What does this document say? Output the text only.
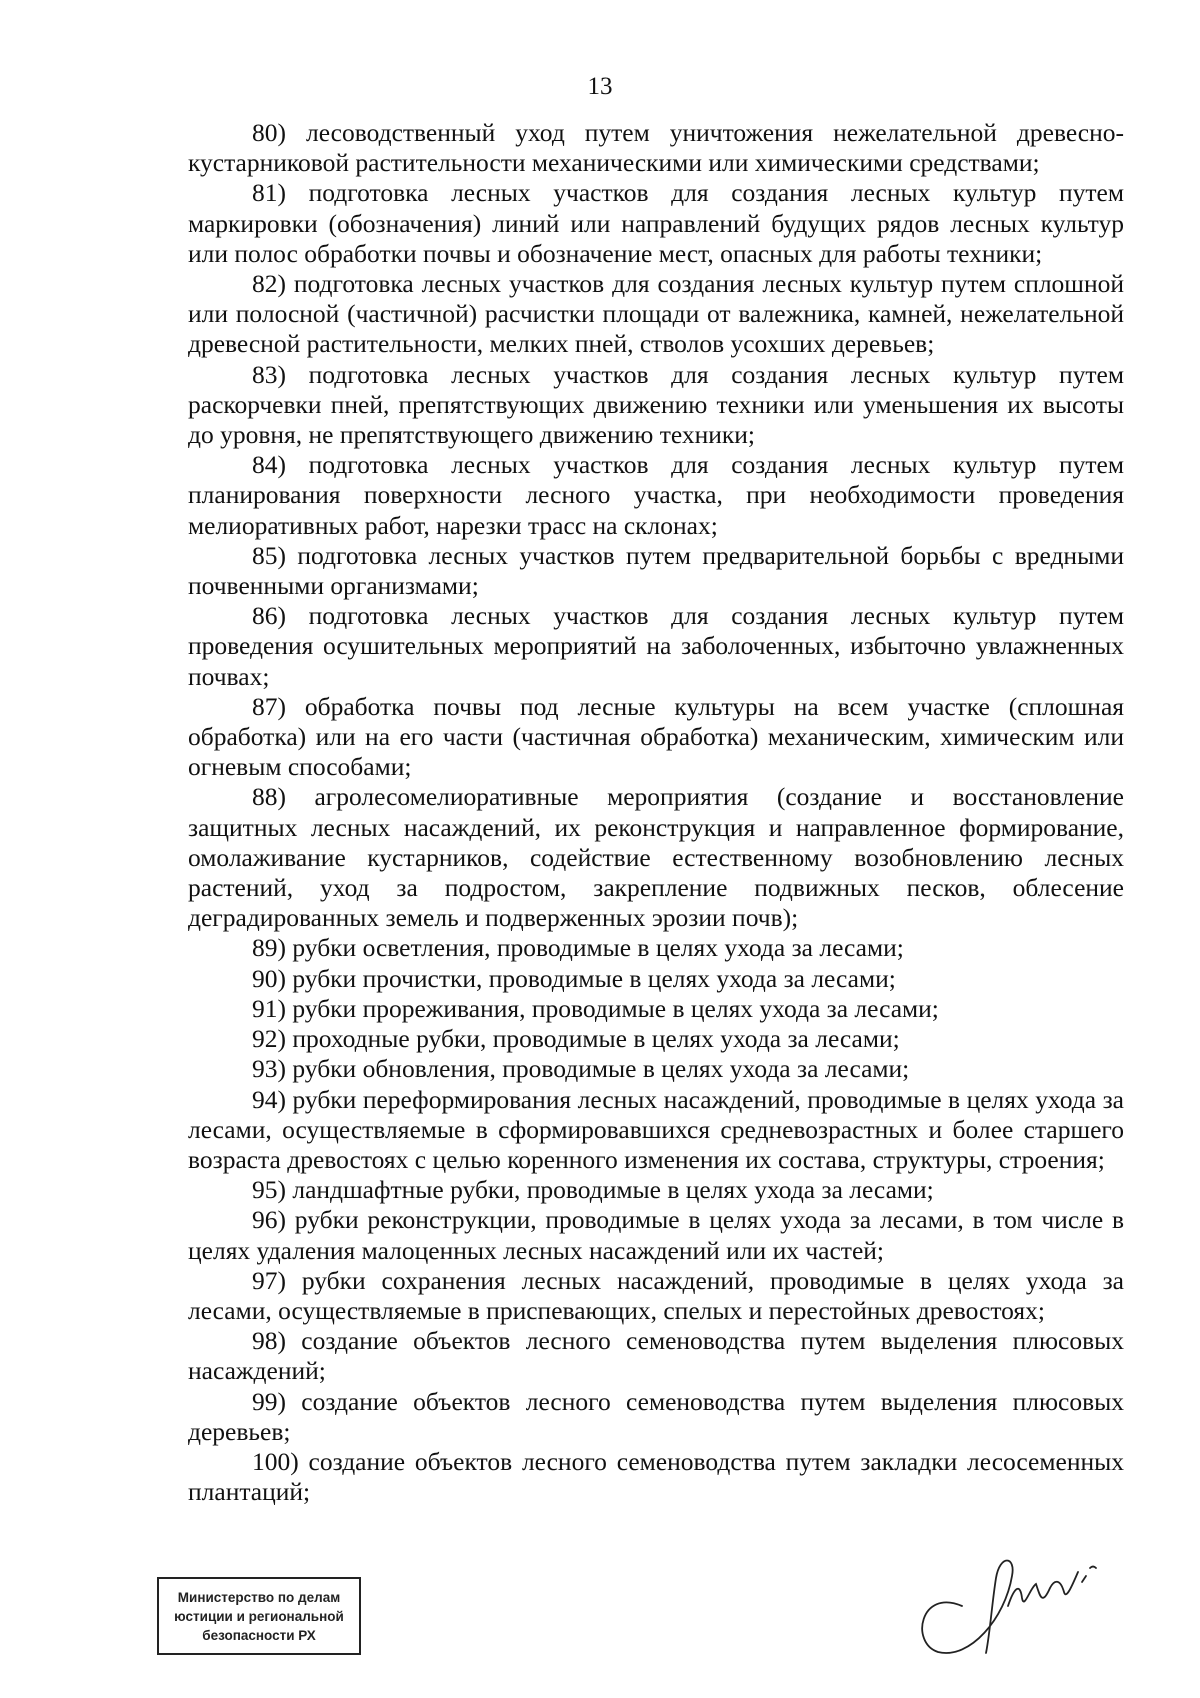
13

80) лесоводственный уход путем уничтожения нежелательной древесно-кустарниковой растительности механическими или химическими средствами;

81) подготовка лесных участков для создания лесных культур путем маркировки (обозначения) линий или направлений будущих рядов лесных культур или полос обработки почвы и обозначение мест, опасных для работы техники;

82) подготовка лесных участков для создания лесных культур путем сплошной или полосной (частичной) расчистки площади от валежника, камней, нежелательной древесной растительности, мелких пней, стволов усохших деревьев;

83) подготовка лесных участков для создания лесных культур путем раскорчевки пней, препятствующих движению техники или уменьшения их высоты до уровня, не препятствующего движению техники;

84) подготовка лесных участков для создания лесных культур путем планирования поверхности лесного участка, при необходимости проведения мелиоративных работ, нарезки трасс на склонах;

85) подготовка лесных участков путем предварительной борьбы с вредными почвенными организмами;

86) подготовка лесных участков для создания лесных культур путем проведения осушительных мероприятий на заболоченных, избыточно увлажненных почвах;

87) обработка почвы под лесные культуры на всем участке (сплошная обработка) или на его части (частичная обработка) механическим, химическим или огневым способами;

88) агролесомелиоративные мероприятия (создание и восстановление защитных лесных насаждений, их реконструкция и направленное формирование, омолаживание кустарников, содействие естественному возобновлению лесных растений, уход за подростом, закрепление подвижных песков, облесение деградированных земель и подверженных эрозии почв);

89) рубки осветления, проводимые в целях ухода за лесами;

90) рубки прочистки, проводимые в целях ухода за лесами;

91) рубки прореживания, проводимые в целях ухода за лесами;

92) проходные рубки, проводимые в целях ухода за лесами;

93) рубки обновления, проводимые в целях ухода за лесами;

94) рубки переформирования лесных насаждений, проводимые в целях ухода за лесами, осуществляемые в сформировавшихся средневозрастных и более старшего возраста древостоях с целью коренного изменения их состава, структуры, строения;

95) ландшафтные рубки, проводимые в целях ухода за лесами;

96) рубки реконструкции, проводимые в целях ухода за лесами, в том числе в целях удаления малоценных лесных насаждений или их частей;

97) рубки сохранения лесных насаждений, проводимые в целях ухода за лесами, осуществляемые в приспевающих, спелых и перестойных древостоях;

98) создание объектов лесного семеноводства путем выделения плюсовых насаждений;

99) создание объектов лесного семеноводства путем выделения плюсовых деревьев;

100) создание объектов лесного семеноводства путем закладки лесосеменных плантаций;

Министерство по делам
юстиции и региональной
безопасности РХ
